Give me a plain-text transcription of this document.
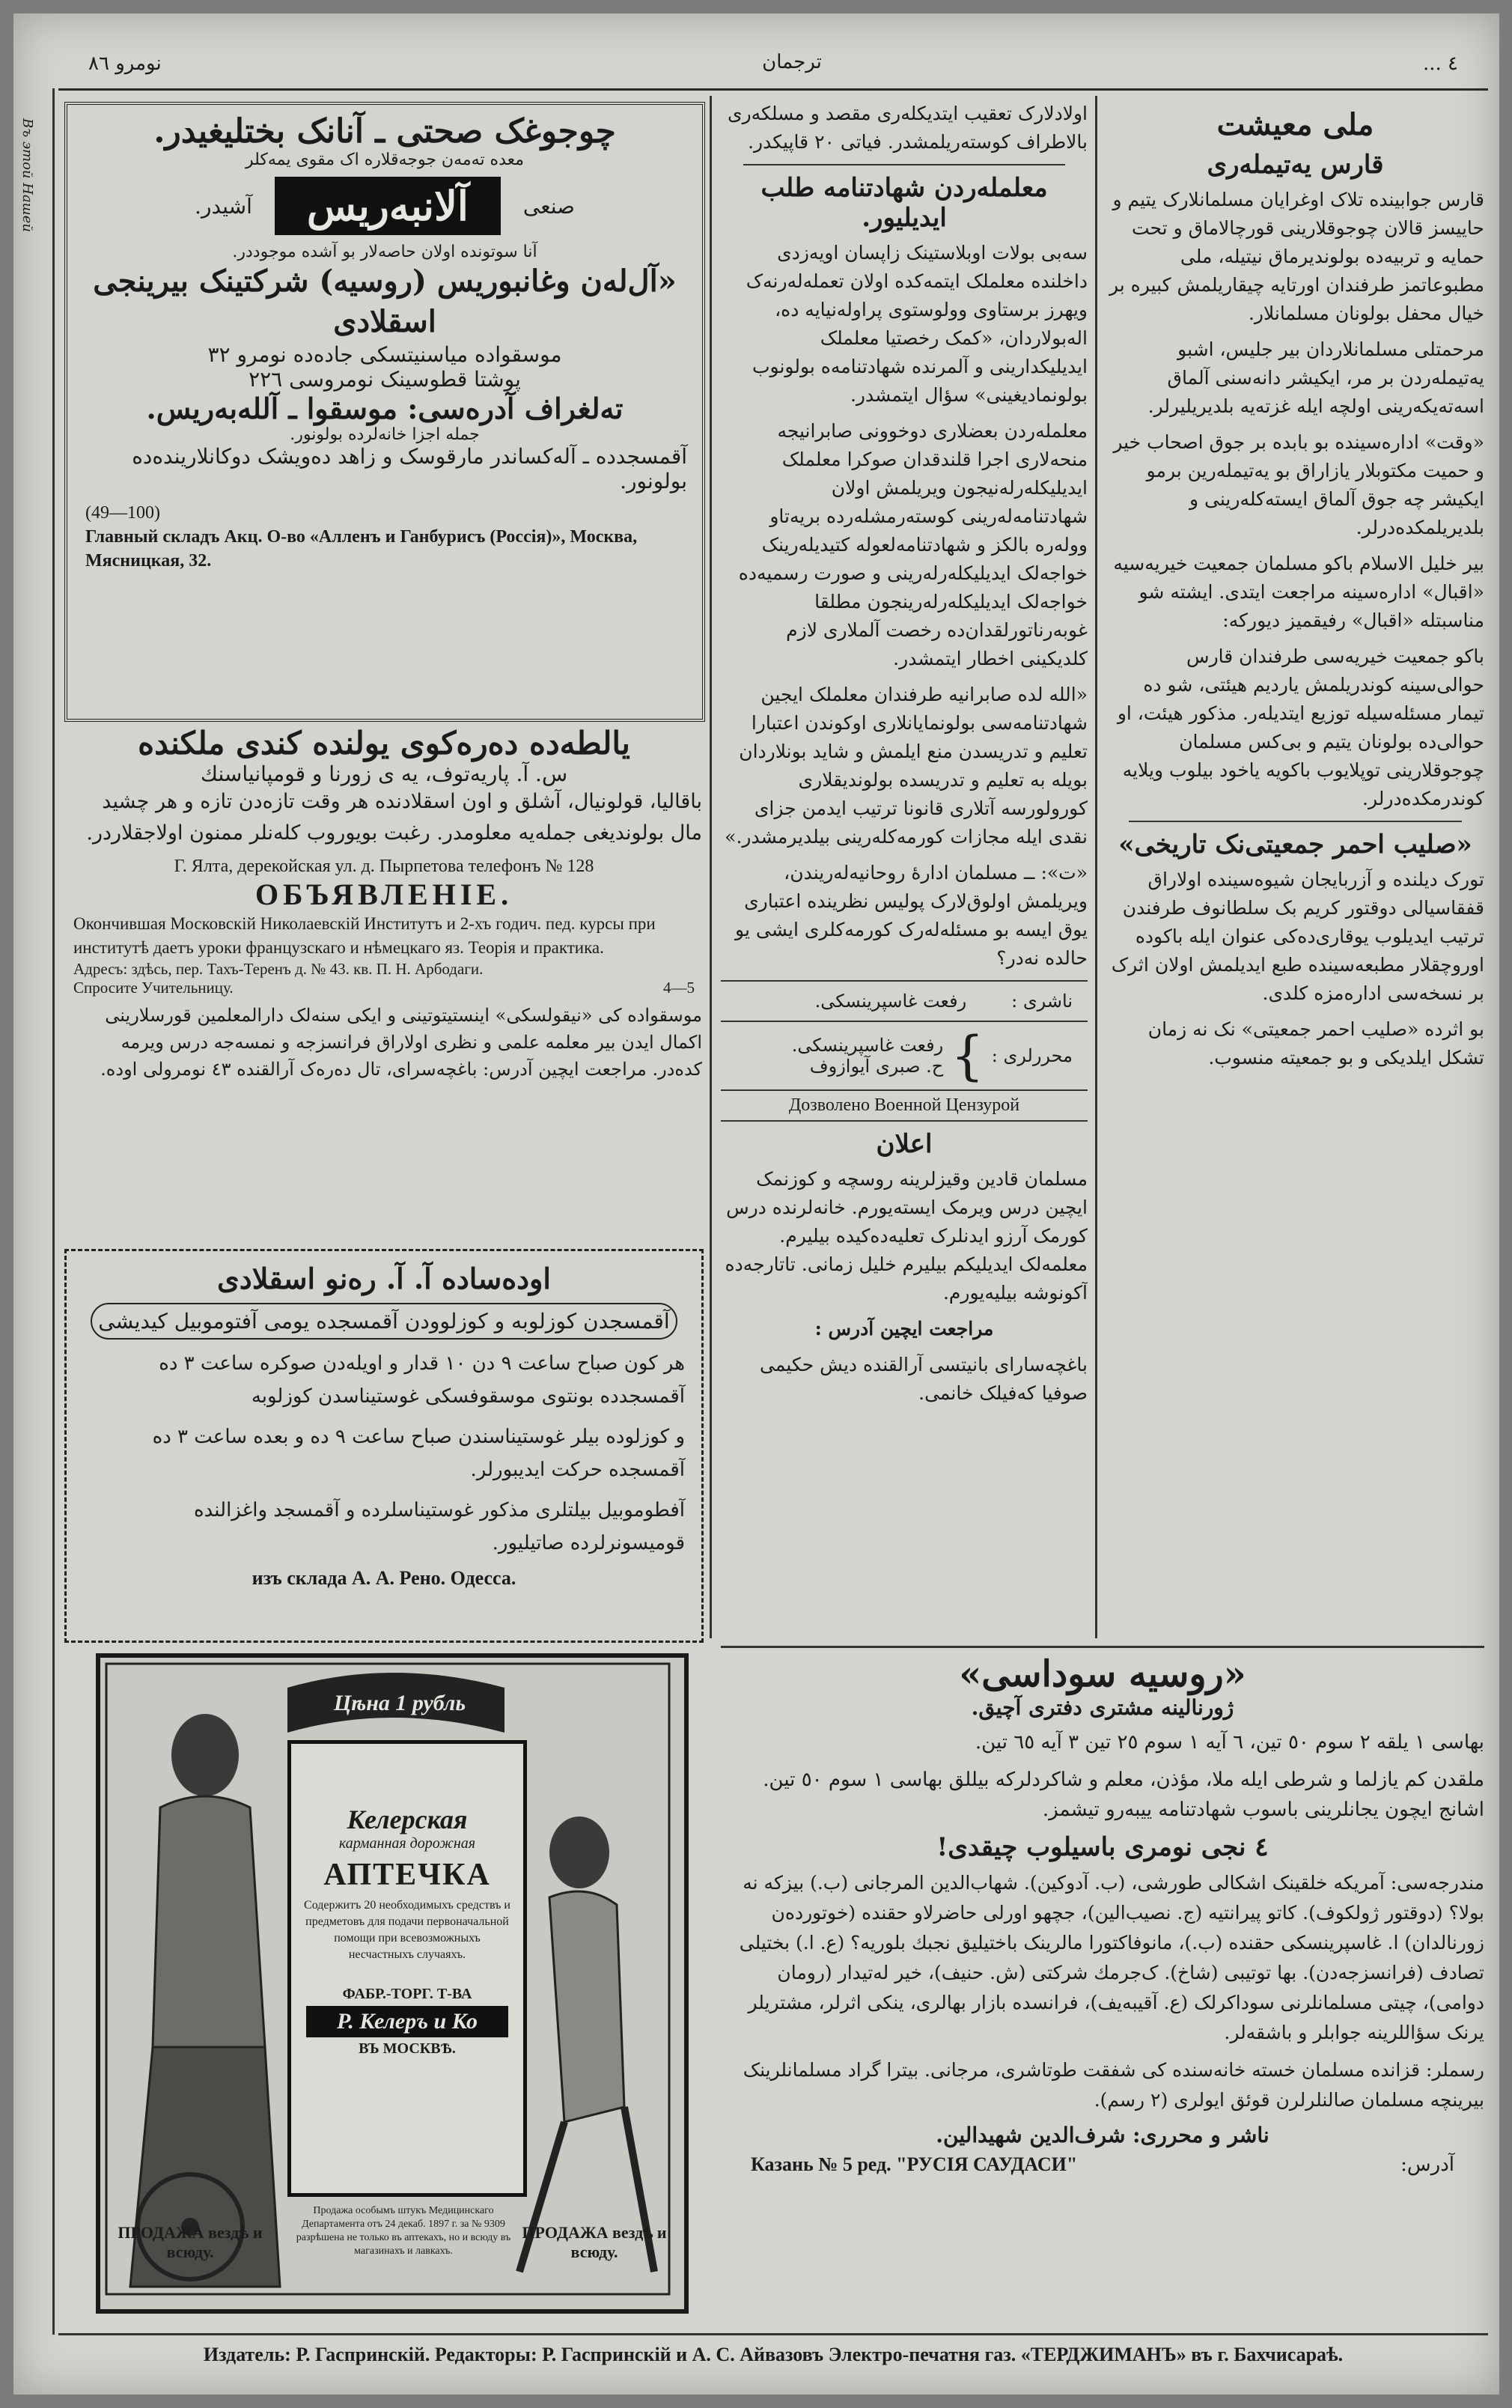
نومرو ٨٦	ترجمان	٤ ...
Въ этой Нашей	ملی معیشت
قارس یه‌تیملەری

قارس جوابیندە تلاک اوغرایان مسلمانلارک یتیم و حاییسز قالان چوجوقلارینی قورچالاماق و تحت حمایه و تربیه‌ده بولوندیرماق نیتیله، ملی مطبوعاتمز طرفندان اورتایه چیقاریلمش کبیرە بر خیال محفل بولونان مسلمانلار.

مرحمتلی مسلمانلاردان بیر جلیس، اشبو یه‌تیملەردن بر مر، ایکیشر دانەسنی آلماق اسه‌تەیکەرینی اولچه ایله غزته‌یه بلدیریلیرلر.

«وقت» اداره‌سینده بو بابده بر جوق اصحاب خیر و حمیت مکتوبلار یازاراق بو یه‌تیملەرین برمو ایکیشر چه جوق آلماق ایسته‌کلەرینی و بلدیریلمکده‌درلر.

بیر خلیل الاسلام باکو مسلمان جمعیت خیریه‌سیه «اقبال» اداره‌سینه مراجعت ایتدی. ایشته شو مناسبتله «اقبال» رفیقمیز دیورکه:

باکو جمعیت خیریه‌سی طرفندان قارس حوالی‌سینه کوندریلمش یاردیم هیئتی، شو ده تیمار مسئله‌سیله توزیع ایتدیلەر. مذکور هیئت، او حوالی‌ده بولونان یتیم و بی‌کس مسلمان چوجوقلارینی توپلایوب باکویه یاخود بیلوب ویلایه کوندرمکده‌درلر.

«صلیب احمر جمعیتی‌نک تاریخی»

تورک دیلنده و آزربایجان شیوه‌سینده اولاراق قفقاسیالی دوقتور کریم بک سلطانوف طرفندن ترتیب ایدیلوب یوقاری‌ده‌کی عنوان ایله باکوده اوروچقلار مطبعه‌سینده طبع ایدیلمش اولان اثرک بر نسخه‌سی اداره‌مزه کلدی.

بو اثرده «صلیب احمر جمعیتی» نک نه زمان تشکل ایلدیکی و بو جمعیته منسوب.

اولادلارک تعقیب ایتدیکلەری مقصد و مسلکه‌ری بالاطراف کوستەریلمشدر. فیاتی ٢٠ قاپیکدر.

معلملەردن شهادتنامه طلب ایدیلیور.

سه‌بی بولات اوبلاستینک زاپسان اویه‌زدی داخلندە معلملک ایتمەکدە اولان تعمله‌لەرنەک ویهرز برستاوی وولوستوی پراولەنیایه ده، اله‌بولاردان، «کمک رخصتیا معلملک ایدیلیکدارینی و آلمرنده شهادتنامه‌ه بولونوب بولونمادیغینی» سؤال ایتمشدر.

معلملەردن بعضلاری دوخوونی صابرانیجه منحه‌لاری اجرا قلندقدان صوکرا معلملک ایدیلیکلەرلەنیجون ویریلمش اولان شهادتنامه‌لەرینی کوستەرمشلەرده بریه‌تاو ووله‌ره بالکز و شهادتنامه‌لعوله کتیدیلەرینک خواجەلک ایدیلیکلەرلەرینی و صورت رسمیه‌ده خواجه‌لک ایدیلیکلەرلەرینجون مطلقا غوبەرناتورلقدان‌ده رخصت آلملاری لازم کلدیکینی اخطار ایتمشدر.

«الله لده صابرانیه طرفندان معلملک ایجین شهادتنامه‌سی بولونمایانلاری اوکوندن اعتبارا تعلیم و تدریسدن منع ایلمش و شاید بونلاردان بویله به تعلیم و تدریسده بولوندیقلاری کورولورسه آتلاری قانونا ترتیب ایدمن جزای نقدی ایله مجازات کورمه‌کلەرینی بیلدیرمشدر.»

«ت»: ــ مسلمان اداره‌ٔ روحانیه‌لەریندن، ویریلمش اولوق‌لارک پولیس نظرینده اعتباری یوق ایسه بو مسئله‌لەرک کورمه‌کلری ایشی یو حالده نەدر؟

ناشری :
رفعت غاسپرینسکی.
محرر‌لری :
}
رفعت غاسپرینسکی.
ح. صبری آیوازوف
Дозволено Военной Цензурой
اعلان

مسلمان قادین وقیزلرینه روسچه و کوزنمک ایچین درس ویرمک ایسته‌یورم. خانه‌لرنده درس کورمک آرزو ایدنلرک تعلیه‌ده‌کیده بیلیرم. معلمه‌لک ایدیلیکم بیلیرم خلیل زمانی. تاتارجه‌ده آکونوشه بیلیه‌یورم.

مراجعت ایچین آدرس :

باغچه‌سارای بانیتسی آرالقنده دیش حکیمی صوفیا کەفیلک خانمی.

چوجوغک صحتی ـ آنانک بختلیغیدر.
معده تەمەن جوجه‌قلاره اک مقوی یمەکلر
صنعی
آلانبه‌ریس
آشیدر.
آنا سوتونده اولان حاصه‌لار بو آشده موجوددر.
«آل‌له‌ن وغانبوریس (روسیه) شرکتینک بیرینجی اسقلادی
موسقواده میاسنیتسکی جاده‌ده نومرو ٣٢
پوشتا قطوسینک نومروسی ٢٢٦
تەلغراف آدرەسی: موسقوا ـ آللەبه‌ریس.
جمله اجزا خانەلرده بولونور.
آقمسجدده ـ آله‌کساندر مارقوسک و زاهد ده‌ویشک دوکانلارینده‌ده بولونور.
(49—100)
Главный складъ Акц. О-во «Алленъ и Ганбурисъ (Россія)», Москва, Мясницкая, 32.
یالطه‌ده دەرەکوی یولنده کندی ملکنده
س. آ. پاریه‌توف، یه ی زورنا و قومپانیاسنك

باقالیا، قولونیال، آشلق و اون اسقلادنده هر وقت تازەدن تازه و هر چشید مال بولوندیغی جمله‌یه معلومدر. رغبت بویوروب کلەنلر ممنون اولاجقلاردر.

Г. Ялта, дерекойская ул. д. Пырпетова телефонъ № 128
ОБЪЯВЛЕНІЕ.
Окончившая Московскій Николаевскій Институтъ и 2-хъ годич. пед. курсы при институтѣ даетъ уроки французскаго и нѣмецкаго яз. Теорія и практика.
Адресъ: здѣсь, пер. Тахъ-Теренъ д. № 43. кв. П. Н. Арбодаги.
Спросите Учительницу.	4—5

موسقواده کی «نیقولسکی» اینستیتوتینی و ایکی سنه‌لک دارالمعلمین قورسلارینی اکمال ایدن بیر معلمه علمی و نظری اولاراق فرانسزجه و نمسه‌جه درس ویرمه کده‌در. مراجعت ایچین آدرس: باغچه‌سرای، تال ده‌رەک آرالقنده ٤٣ نومرولی اوده.

اوده‌ساده آ. آ. رەنو اسقلادی
آقمسجدن کوزلوبه و کوزلوودن آقمسجده یومی آفتوموبیل کیدیشی

هر کون صباح ساعت ٩ دن ١٠ قدار و اویله‌دن صوکره ساعت ٣ ده آقمسجدده بونتوی موسقوفسکی غوستیناسدن کوزلوبه

و کوزلوده بیلر غوستیناسندن صباح ساعت ٩ ده و بعده ساعت ٣ ده آقمسجده حرکت ایدیبورلر.

آفطوموبیل بیلتلری مذکور غوستیناسلرده و آقمسجد واغزالنده قومیسونرلرده صاتیلیور.

изъ склада А. А. Рено. Одесса.
Цѣна 1 рубль
Келерская
карманная дорожная
АПТЕЧКА
Содержитъ 20 необходимыхъ средствъ и предметовъ для подачи первоначальной помощи при всевозможныхъ несчастныхъ случаяхъ.
ФАБР.-ТОРГ. Т-ВА
Р. Келеръ и Ко
ВЪ МОСКВѢ.
ПРОДАЖА вездѣ и всюду.
ПРОДАЖА вездѣ и всюду.
Продажа особымъ штукъ Медицинскаго Департамента отъ 24 декаб. 1897 г. за № 9309 разрѣшена не только въ аптекахъ, но и всюду въ магазинахъ и лавкахъ.
«روسیه سوداسی»
ژورنالینه مشتری دفتری آچیق.

بهاسی ١ یلقه ٢ سوم ٥٠ تین، ٦ آیه ١ سوم ٢٥ تین ٣ آیه ٦٥ تین.

ملقدن کم یازلما و شرطی ایله ملا، مؤذن، معلم و شاکردلرکه بیللق بهاسی ١ سوم ٥٠ تین. اشانج ایچون یجانلرینی باسوب شهادتنامه ییبەرو تیشمز.

٤ نجی نومری باسیلوب چیقدی!

مندرجه‌سی: آمریکه خلقینک اشکالی طورشی، (ب. آدوکین). شهاب‌الدین المرجانی (ب.) بیزکه نه بولا؟ (دوقتور ژولکوف). کاتو پیرانتیه (ج. نصیب‌الین)، جچهو اورلی حاضرلاو حقنده (خوتوردەن زورنالدان) ا. غاسپرینسکی حقنده (ب.)، مانوفاکتورا مالرینک باختیلیق نجبك بلوریه؟ (ع. ا.) بختیلی تصادف (فرانسزجه‌دن). بها توتیبی (شاخ). ک‌جرمك شرکتی (ش. حنیف)، خیر له‌تیدار (رومان دوامی)، چیتی مسلمانلرنی سوداکرلک (ع. آقیبەیف)، فرانسده بازار بهالری، ینکی اثرلر، مشتریلر یرنک سؤاللرینه جوابلر و باشقەلر.

رسملر: قزانده مسلمان خسته خانه‌سنده کی شفقت طوتاشری، مرجانی. بیترا گراد مسلمانلرینک بیرینچه مسلمان صالنلرلرن قوئق ایولری (٢ رسم).

ناشر و محرری: شرف‌الدین شهیدالین.
آدرس:
Казань № 5 ред. "РУСІЯ САУДАСИ"
Издатель: Р. Гаспринскій. Редакторы: Р. Гаспринскій и А. С. Айвазовъ Электро-печатня газ. «ТЕРДЖИМАНЪ» въ г. Бахчисараѣ.
